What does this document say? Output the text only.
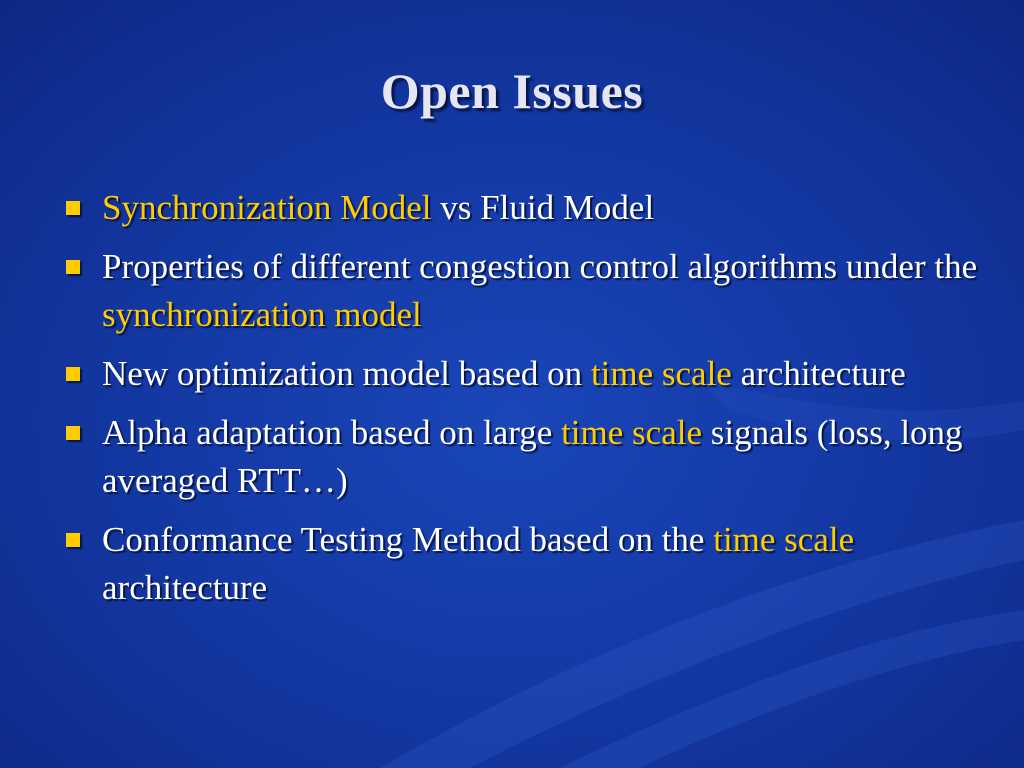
Open Issues
Synchronization Model vs Fluid Model
Properties of different congestion control algorithms under the synchronization model
New optimization model based on time scale architecture
Alpha adaptation based on large time scale signals (loss, long averaged RTT…)
Conformance Testing Method based on the time scale architecture
